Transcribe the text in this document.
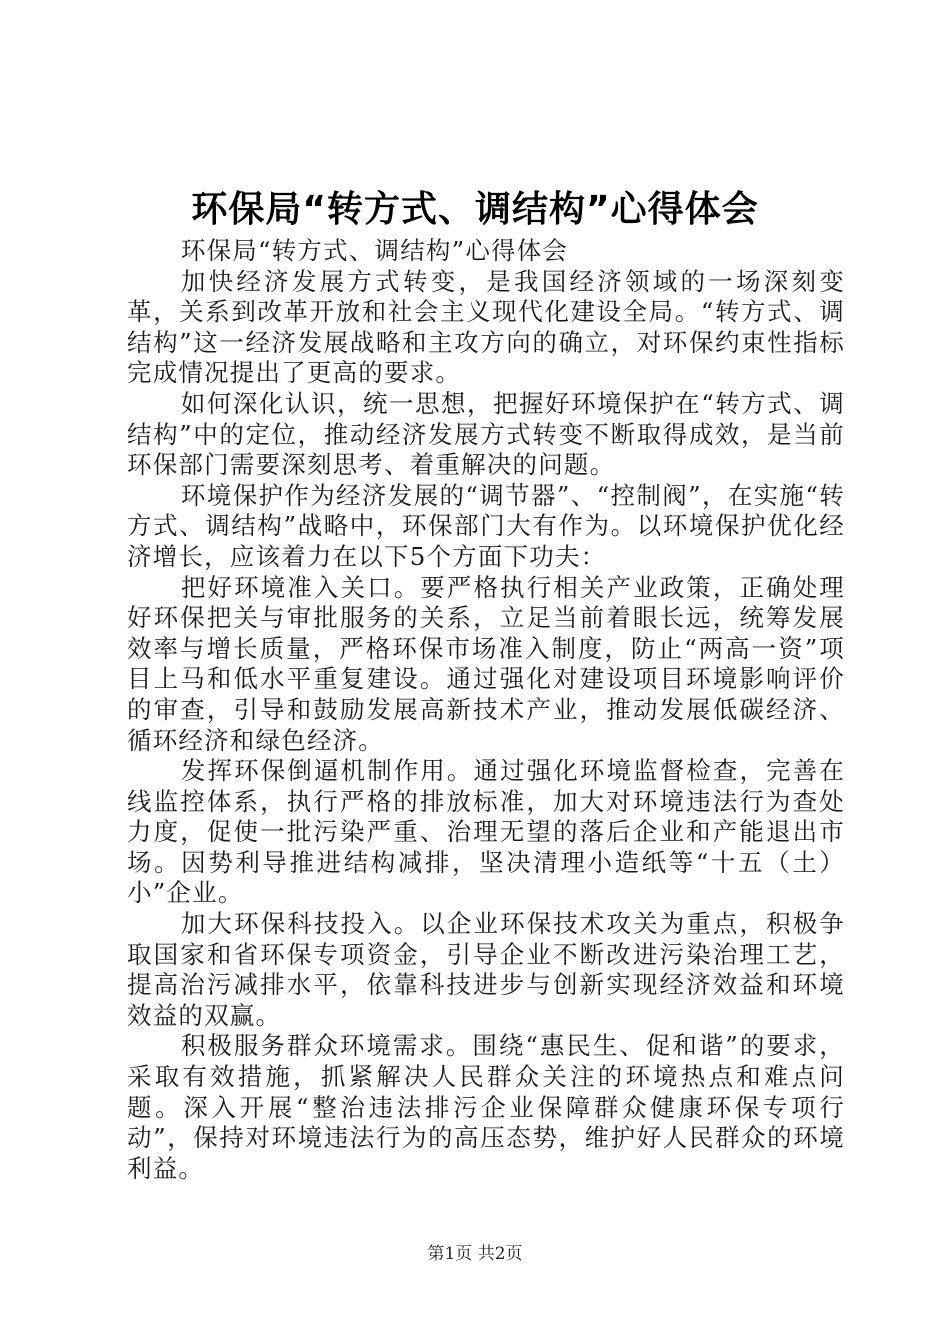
环保局“转方式、调结构”心得体会

环保局“转方式、调结构”心得体会

加快经济发展方式转变，是我国经济领域的一场深刻变革，关系到改革开放和社会主义现代化建设全局。“转方式、调结构”这一经济发展战略和主攻方向的确立，对环保约束性指标完成情况提出了更高的要求。

如何深化认识，统一思想，把握好环境保护在“转方式、调结构”中的定位，推动经济发展方式转变不断取得成效，是当前环保部门需要深刻思考、着重解决的问题。

环境保护作为经济发展的“调节器”、“控制阀”，在实施“转方式、调结构”战略中，环保部门大有作为。以环境保护优化经济增长，应该着力在以下5个方面下功夫：

把好环境准入关口。要严格执行相关产业政策，正确处理好环保把关与审批服务的关系，立足当前着眼长远，统筹发展效率与增长质量，严格环保市场准入制度，防止“两高一资”项目上马和低水平重复建设。通过强化对建设项目环境影响评价的审查，引导和鼓励发展高新技术产业，推动发展低碳经济、循环经济和绿色经济。

发挥环保倒逼机制作用。通过强化环境监督检查，完善在线监控体系，执行严格的排放标准，加大对环境违法行为查处力度，促使一批污染严重、治理无望的落后企业和产能退出市场。因势利导推进结构减排，坚决清理小造纸等“十五（土）小”企业。

加大环保科技投入。以企业环保技术攻关为重点，积极争取国家和省环保专项资金，引导企业不断改进污染治理工艺，提高治污减排水平，依靠科技进步与创新实现经济效益和环境效益的双赢。

积极服务群众环境需求。围绕“惠民生、促和谐”的要求，采取有效措施，抓紧解决人民群众关注的环境热点和难点问题。深入开展“整治违法排污企业保障群众健康环保专项行动”，保持对环境违法行为的高压态势，维护好人民群众的环境利益。

第1页 共2页
